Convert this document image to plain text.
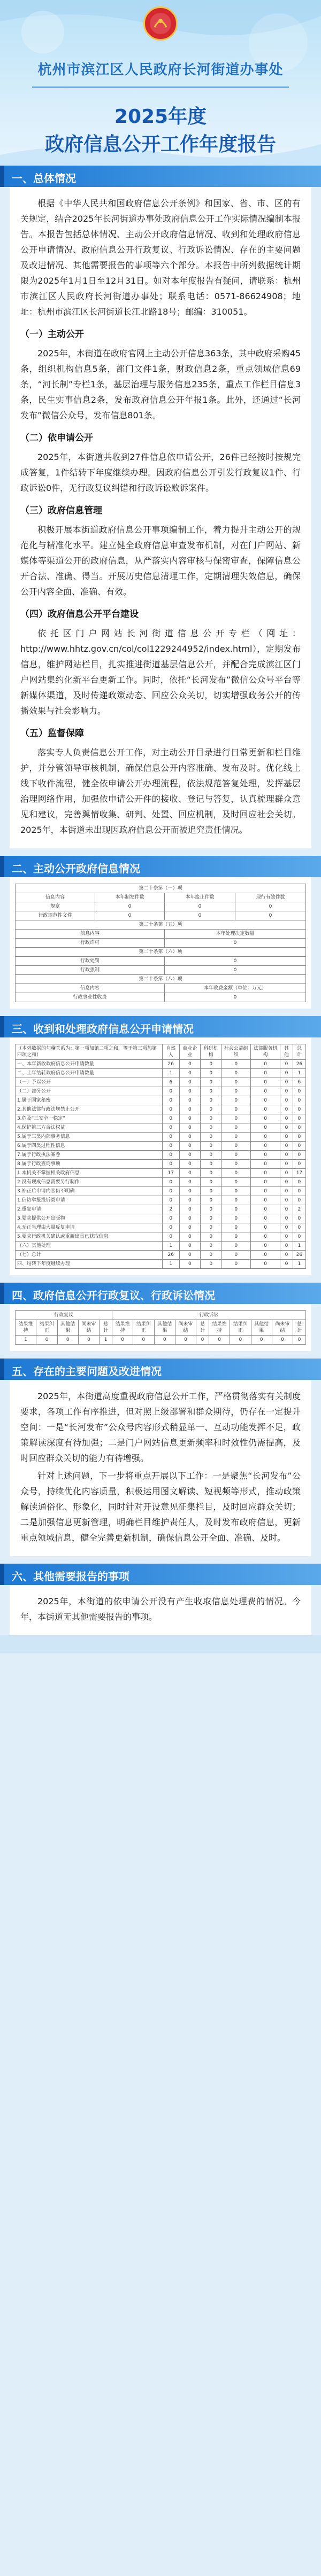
杭州市滨江区人民政府长河街道办事处
2025年度
政府信息公开工作年度报告
一、总体情况

根据《中华人民共和国政府信息公开条例》和国家、省、市、区的有关规定，结合2025年长河街道办事处政府信息公开工作实际情况编制本报告。本报告包括总体情况、主动公开政府信息情况、收到和处理政府信息公开申请情况、政府信息公开行政复议、行政诉讼情况、存在的主要问题及改进情况、其他需要报告的事项等六个部分。本报告中所列数据统计期限为2025年1月1日至12月31日。如对本年度报告有疑问，请联系：杭州市滨江区人民政府长河街道办事处；联系电话：0571-86624908；地址：杭州市滨江区长河街道长江北路18号；邮编：310051。

（一）主动公开

2025年，本街道在政府官网上主动公开信息363条，其中政府采购45条，组织机构信息5条，部门文件1条，财政信息2条，重点领域信息69条，“河长制”专栏1条，基层治理与服务信息235条，重点工作栏目信息3条，民生实事信息2条，发布政府信息公开年报1条。此外，还通过“长河发布”微信公众号，发布信息801条。

（二）依申请公开

2025年，本街道共收到27件信息依申请公开，26件已经按时按规完成答复，1件结转下年度继续办理。因政府信息公开引发行政复议1件、行政诉讼0件，无行政复议纠错和行政诉讼败诉案件。

（三）政府信息管理

积极开展本街道政府信息公开事项编制工作，着力提升主动公开的规范化与精准化水平。建立健全政府信息审查发布机制，对在门户网站、新媒体等渠道公开的政府信息，从严落实内容审核与保密审查，保障信息公开合法、准确、得当。开展历史信息清理工作，定期清理失效信息，确保公开内容全面、准确、有效。

（四）政府信息公开平台建设

依托区门户网站长河街道信息公开专栏（网址：http://www.hhtz.gov.cn/col/col1229244952/index.html），定期发布信息，维护网站栏目，扎实推进街道基层信息公开，并配合完成滨江区门户网站集约化新平台更新工作。同时，依托“长河发布”微信公众号平台等新媒体渠道，及时传递政策动态、回应公众关切，切实增强政务公开的传播效果与社会影响力。

（五）监督保障

落实专人负责信息公开工作，对主动公开目录进行日常更新和栏目维护，并分管领导审核机制，确保信息公开内容准确、发布及时。优化线上线下收件流程，健全依申请公开办理流程，依法规范答复处理，发挥基层治理网络作用，加强依申请公开件的接收、登记与答复，认真梳理群众意见和建议，完善舆情收集、研判、处置、回应机制，及时回应社会关切。2025年，本街道未出现因政府信息公开而被追究责任情况。

二、主动公开政府信息情况
第二十条第（一）项			
信息内容	本年制发件数	本年废止件数	现行有效件数
规章	0	0	0
行政规范性文件	0	0	0
第二十条第（五）项			
信息内容		本年处理决定数量	
行政许可		0	
第二十条第（六）项			
行政处罚		0	
行政强制		0	
第二十条第（八）项			
信息内容		本年收费金额（单位：万元）	
行政事业性收费		0	
三、收到和处理政府信息公开申请情况
（本列数据的勾稽关系为：第一项加第二项之和，等于第三项加第四项之和）	自然人	商业企业	科研机构	社会公益组织	法律服务机构	其他	总计
一、本年新收政府信息公开申请数量	26	0	0	0	0	0	26
二、上年结转政府信息公开申请数量	1	0	0	0	0	0	1
（一）予以公开	6	0	0	0	0	0	6
（二）部分公开	0	0	0	0	0	0	0
1.属于国家秘密	0	0	0	0	0	0	0
2.其他法律行政法规禁止公开	0	0	0	0	0	0	0
3.危及“三安全一稳定”	0	0	0	0	0	0	0
4.保护第三方合法权益	0	0	0	0	0	0	0
5.属于三类内部事务信息	0	0	0	0	0	0	0
6.属于四类过程性信息	0	0	0	0	0	0	0
7.属于行政执法案卷	0	0	0	0	0	0	0
8.属于行政查询事项	0	0	0	0	0	0	0
1.本机关不掌握相关政府信息	17	0	0	0	0	0	17
2.没有现成信息需要另行制作	0	0	0	0	0	0	0
3.补正后申请内容仍不明确	0	0	0	0	0	0	0
1.信访举报投诉类申请	0	0	0	0	0	0	0
2.重复申请	2	0	0	0	0	0	2
3.要求提供公开出版物	0	0	0	0	0	0	0
4.无正当理由大量反复申请	0	0	0	0	0	0	0
5.要求行政机关确认或重新出具已获取信息	0	0	0	0	0	0	0
（六）其他处理	1	0	0	0	0	0	1
（七）总计	26	0	0	0	0	0	26
四、结转下年度继续办理	1	0	0	0	0	0	1
四、政府信息公开行政复议、行政诉讼情况
行政复议					行政诉讼									
结果维持	结果纠正	其他结果	尚未审结	总计	结果维持	结果纠正	其他结果	尚未审结	总计	结果维持	结果纠正	其他结果	尚未审结	总计
1	0	0	0	1	0	0	0	0	0	0	0	0	0	0
五、存在的主要问题及改进情况

2025年，本街道高度重视政府信息公开工作，严格贯彻落实有关制度要求，各项工作有序推进，但对照上级部署和群众期待，仍存在一定提升空间：一是“长河发布”公众号内容形式稍显单一、互动功能发挥不足，政策解读深度有待加强；二是门户网站信息更新频率和时效性仍需提高，及时回应群众关切的能力有待增强。

针对上述问题，下一步将重点开展以下工作：一是聚焦“长河发布”公众号，持续优化内容质量，积极运用图文解读、短视频等形式，推动政策解读通俗化、形象化，同时针对开设意见征集栏目，及时回应群众关切；二是加强信息更新管理，明确栏目维护责任人，及时发布政府信息，更新重点领域信息，健全完善更新机制，确保信息公开全面、准确、及时。

六、其他需要报告的事项

2025年，本街道的依申请公开没有产生收取信息处理费的情况。今年，本街道无其他需要报告的事项。
